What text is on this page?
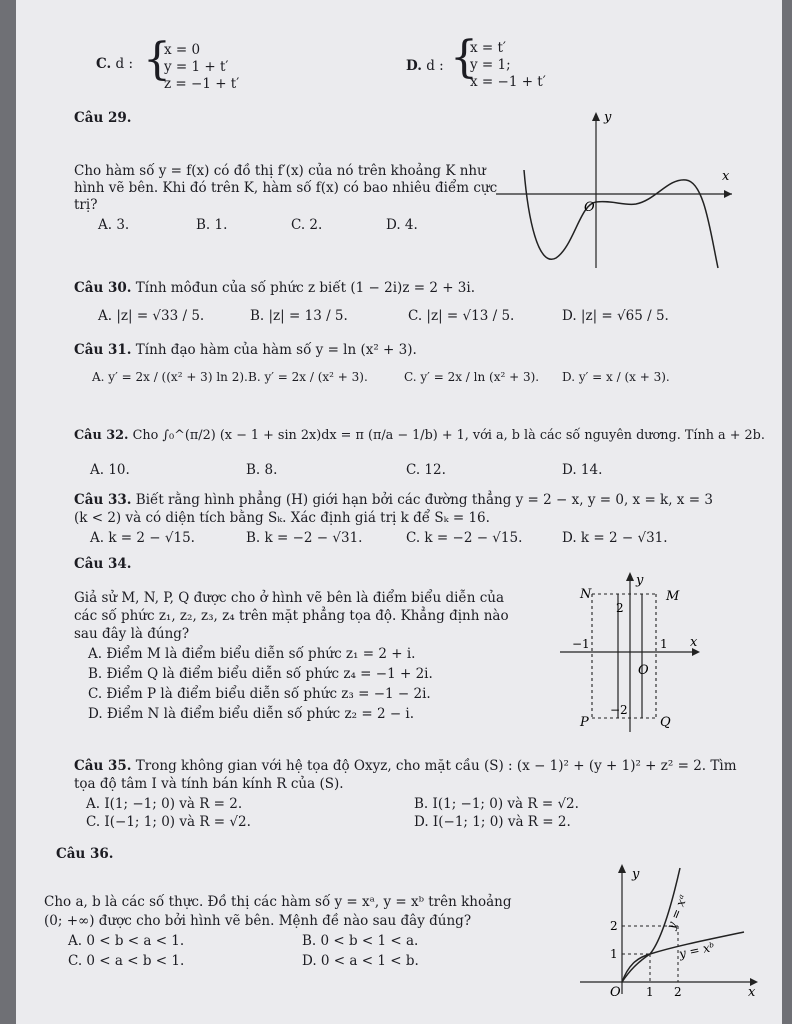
C. d : {
x = 0
y = 1 + t′
z = −1 + t′
D. d : {
x = t′
y = 1;
x = −1 + t′
Câu 29.
Cho hàm số y = f(x) có đồ thị f′(x) của nó trên khoảng K như
hình vẽ bên. Khi đó trên K, hàm số f(x) có bao nhiêu điểm cực
trị?
A. 3.	B. 1.	C. 2.	D. 4.
y
x
O
Câu 30. Tính môđun của số phức z biết (1 − 2i)z = 2 + 3i.
A. |z| = √33 / 5.	B. |z| = 13 / 5.	C. |z| = √13 / 5.	D. |z| = √65 / 5.
Câu 31. Tính đạo hàm của hàm số y = ln (x² + 3).
A. y′ = 2x / ((x² + 3) ln 2). B. y′ = 2x / (x² + 3).	C. y′ = 2x / ln (x² + 3). D. y′ = x / (x + 3).
Câu 32. Cho ∫₀^(π/2) (x − 1 + sin 2x)dx = π (π/a − 1/b) + 1, với a, b là các số nguyên dương. Tính a + 2b.
A. 10.	B. 8.	C. 12.	D. 14.
Câu 33. Biết rằng hình phẳng (H) giới hạn bởi các đường thẳng y = 2 − x, y = 0, x = k, x = 3
(k < 2) và có diện tích bằng Sₖ. Xác định giá trị k để Sₖ = 16.
A. k = 2 − √15.	B. k = −2 − √31.	C. k = −2 − √15.	D. k = 2 − √31.
Câu 34.
Giả sử M, N, P, Q được cho ở hình vẽ bên là điểm biểu diễn của
các số phức z₁, z₂, z₃, z₄ trên mặt phẳng tọa độ. Khẳng định nào
sau đây là đúng?
A. Điểm M là điểm biểu diễn số phức z₁ = 2 + i.
B. Điểm Q là điểm biểu diễn số phức z₄ = −1 + 2i.
C. Điểm P là điểm biểu diễn số phức z₃ = −1 − 2i.
D. Điểm N là điểm biểu diễn số phức z₂ = 2 − i.
N	M
P	Q
y
x
O
2
−1	1
−2
Câu 35. Trong không gian với hệ tọa độ Oxyz, cho mặt cầu (S) : (x − 1)² + (y + 1)² + z² = 2. Tìm
tọa độ tâm I và tính bán kính R của (S).
A. I(1; −1; 0) và R = 2.	B. I(1; −1; 0) và R = √2.
C. I(−1; 1; 0) và R = √2.	D. I(−1; 1; 0) và R = 2.
Câu 36.
Cho a, b là các số thực. Đồ thị các hàm số y = xᵃ, y = xᵇ trên khoảng
(0; +∞) được cho bởi hình vẽ bên. Mệnh đề nào sau đây đúng?
A. 0 < b < a < 1.	B. 0 < b < 1 < a.
C. 0 < a < b < 1.	D. 0 < a < 1 < b.
y
x
O
1
2
1 2
y = xᵃ
y = xᵇ
